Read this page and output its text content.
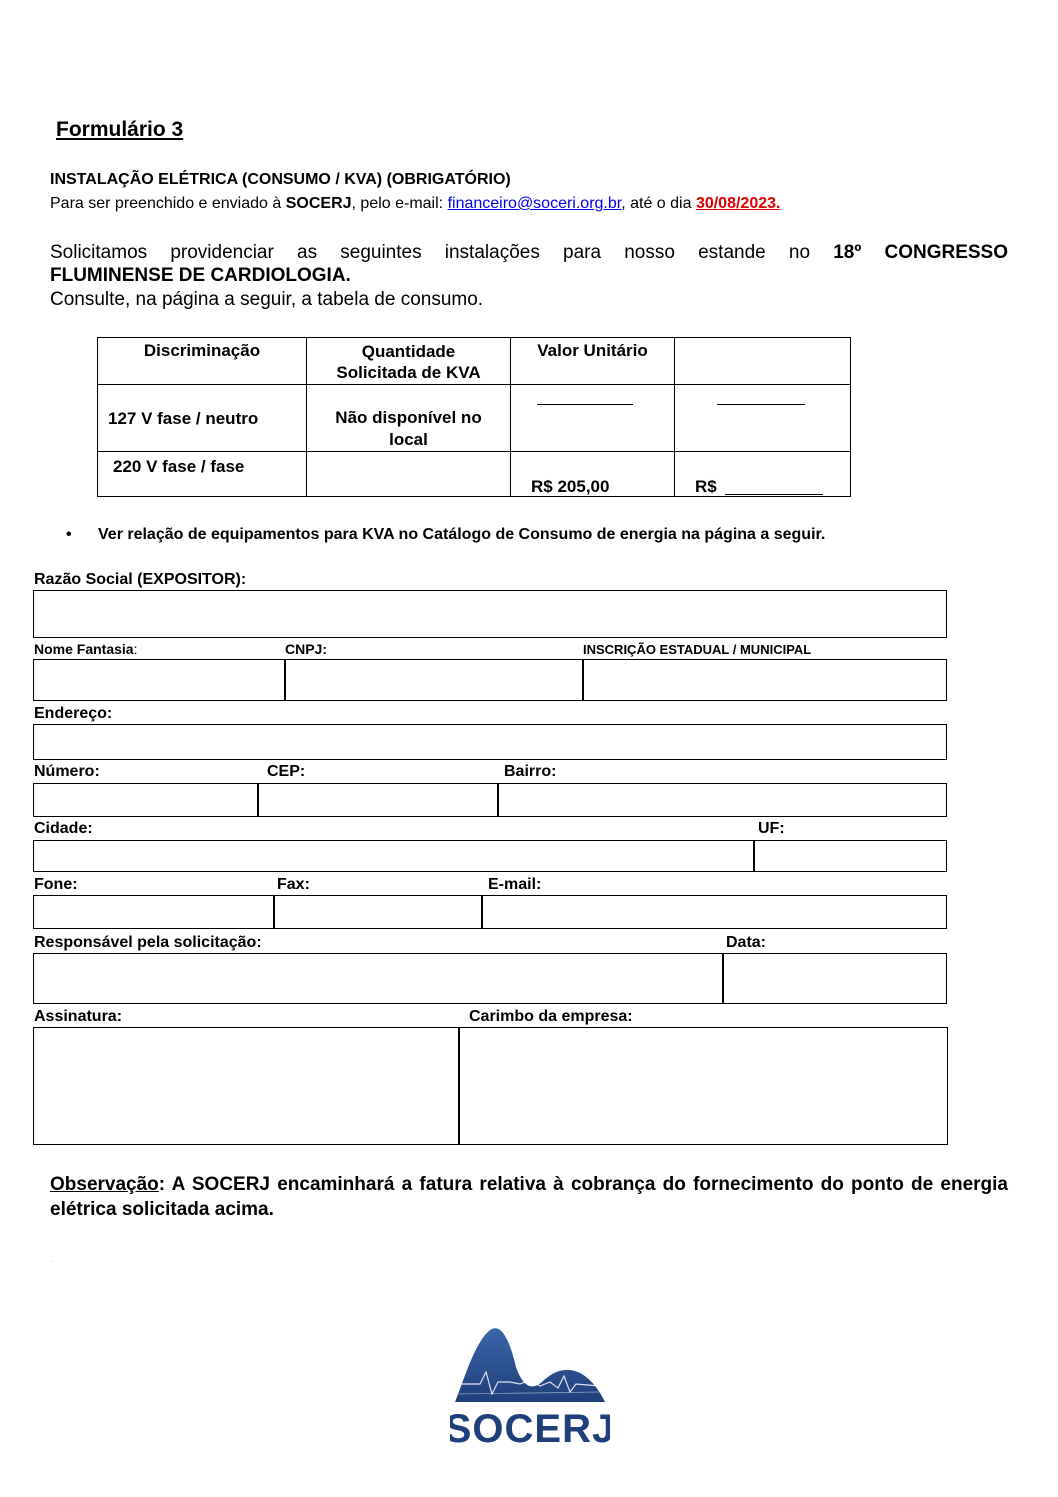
Formulário 3
INSTALAÇÃO ELÉTRICA (CONSUMO / KVA) (OBRIGATÓRIO)
Para ser preenchido e enviado à SOCERJ, pelo e-mail: financeiro@soceri.org.br, até o dia 30/08/2023.
Solicitamos providenciar as seguintes instalações para nosso estande no 18º CONGRESSO
FLUMINENSE DE CARDIOLOGIA.
Consulte, na página a seguir, a tabela de consumo.
Discriminação	Quantidade Solicitada de KVA	Valor Unitário	

127 V fase / neutro	Não disponível no local		

220 V fase / fase		R$ 205,00	R$
• Ver relação de equipamentos para KVA no Catálogo de Consumo de energia na página a seguir.
Razão Social (EXPOSITOR):
Nome Fantasia:	CNPJ:	INSCRIÇÃO ESTADUAL / MUNICIPAL
Endereço:
Número:	CEP:	Bairro:
Cidade:	UF:
Fone:	Fax:	E-mail:
Responsável pela solicitação:	Data:
Assinatura:	Carimbo da empresa:
Observação: A SOCERJ encaminhará a fatura relativa à cobrança do fornecimento do ponto de energia elétrica solicitada acima.
.
SOCERJ
